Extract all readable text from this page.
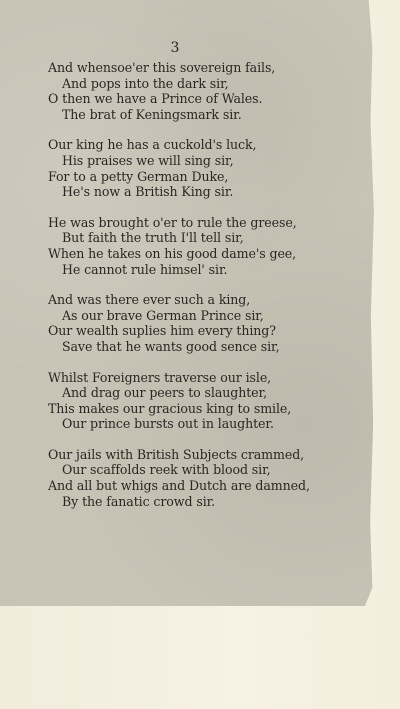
3
And whensoe'er this sovereign fails,
And pops into the dark sir,
O then we have a Prince of Wales.
The brat of Keningsmark sir.
Our king he has a cuckold's luck,
His praises we will sing sir,
For to a petty German Duke,
He's now a British King sir.
He was brought o'er to rule the greese,
But faith the truth I'll tell sir,
When he takes on his good dame's gee,
He cannot rule himsel' sir.
And was there ever such a king,
As our brave German Prince sir,
Our wealth suplies him every thing?
Save that he wants good sence sir,
Whilst Foreigners traverse our isle,
And drag our peers to slaughter,
This makes our gracious king to smile,
Our prince bursts out in laughter.
Our jails with British Subjects crammed,
Our scaffolds reek with blood sir,
And all but whigs and Dutch are damned,
By the fanatic crowd sir.
